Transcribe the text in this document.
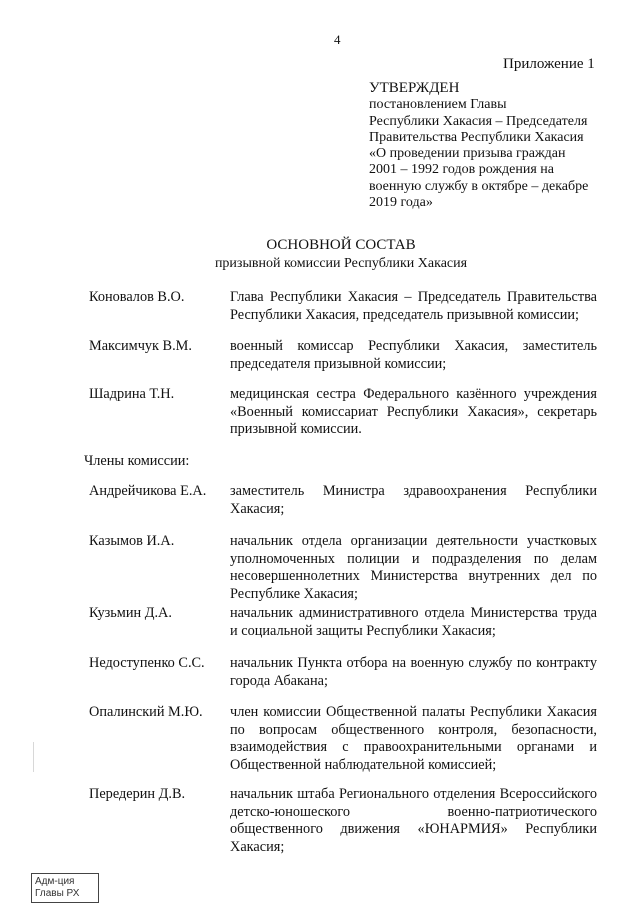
4
Приложение 1
УТВЕРЖДЕН
постановлением Главы
Республики Хакасия – Председателя
Правительства Республики Хакасия
«О проведении призыва граждан
2001 – 1992 годов рождения на
военную службу в октябре – декабре
2019 года»
ОСНОВНОЙ СОСТАВ
призывной комиссии Республики Хакасия
Коновалов В.О.	Глава Республики Хакасия – Председатель Правительства Республики Хакасия, председатель призывной комиссии;
Максимчук В.М.	военный комиссар Республики Хакасия, заместитель председателя призывной комиссии;
Шадрина Т.Н.	медицинская сестра Федерального казённого учреждения «Военный комиссариат Республики Хакасия», секретарь призывной комиссии.
Члены комиссии:
Андрейчикова Е.А. заместитель Министра здравоохранения Республики Хакасия;
Казымов И.А.	начальник отдела организации деятельности участковых уполномоченных полиции и подразделения по делам несовершеннолетних Министерства внутренних дел по Республике Хакасия;
Кузьмин Д.А.	начальник административного отдела Министерства труда и социальной защиты Республики Хакасия;
Недоступенко С.С. начальник Пункта отбора на военную службу по контракту города Абакана;
Опалинский М.Ю. член комиссии Общественной палаты Республики Хакасия по вопросам общественного контроля, безопасности, взаимодействия с правоохранительными органами и Общественной наблюдательной комиссией;
Передерин Д.В.	начальник штаба Регионального отделения Всероссийского детско-юношеского военно-патриотического общественного движения «ЮНАРМИЯ» Республики Хакасия;
Адм-ция
Главы РХ
